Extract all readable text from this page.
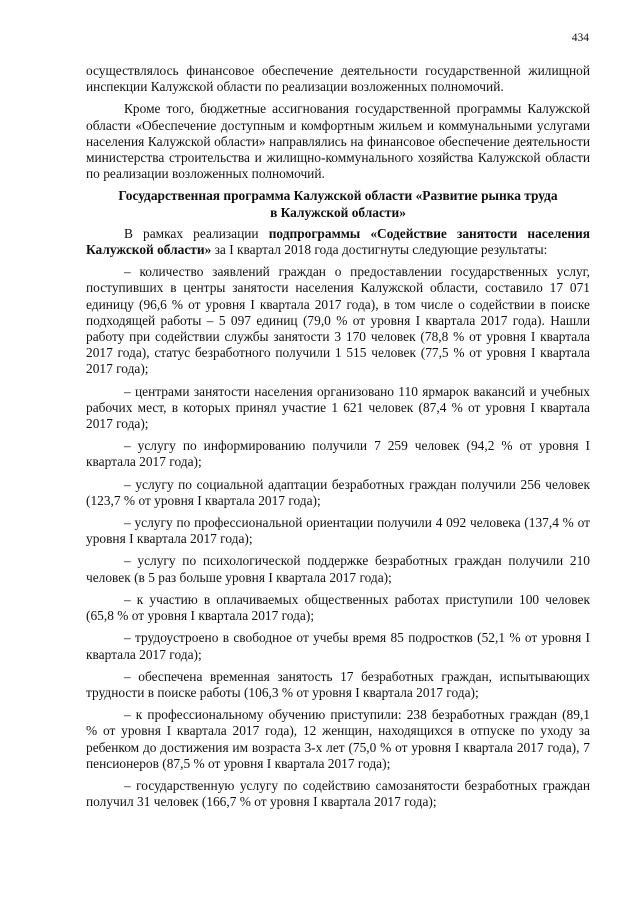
434

осуществлялось финансовое обеспечение деятельности государственной жилищной инспекции Калужской области по реализации возложенных полномочий.

Кроме того, бюджетные ассигнования государственной программы Калужской области «Обеспечение доступным и комфортным жильем и коммунальными услугами населения Калужской области» направлялись на финансовое обеспечение деятельности министерства строительства и жилищно-коммунального хозяйства Калужской области по реализации возложенных полномочий.

Государственная программа Калужской области «Развитие рынка труда
в Калужской области»

В рамках реализации подпрограммы «Содействие занятости населения Калужской области» за I квартал 2018 года достигнуты следующие результаты:

– количество заявлений граждан о предоставлении государственных услуг, поступивших в центры занятости населения Калужской области, составило 17 071 единицу (96,6 % от уровня I квартала 2017 года), в том числе о содействии в поиске подходящей работы – 5 097 единиц (79,0 % от уровня I квартала 2017 года). Нашли работу при содействии службы занятости 3 170 человек (78,8 % от уровня I квартала 2017 года), статус безработного получили 1 515 человек (77,5 % от уровня I квартала 2017 года);

– центрами занятости населения организовано 110 ярмарок вакансий и учебных рабочих мест, в которых принял участие 1 621 человек (87,4 % от уровня I квартала 2017 года);

– услугу по информированию получили 7 259 человек (94,2 % от уровня I квартала 2017 года);

– услугу по социальной адаптации безработных граждан получили 256 человек (123,7 % от уровня I квартала 2017 года);

– услугу по профессиональной ориентации получили 4 092 человека (137,4 % от уровня I квартала 2017 года);

– услугу по психологической поддержке безработных граждан получили 210 человек (в 5 раз больше уровня I квартала 2017 года);

– к участию в оплачиваемых общественных работах приступили 100 человек (65,8 % от уровня I квартала 2017 года);

– трудоустроено в свободное от учебы время 85 подростков (52,1 % от уровня I квартала 2017 года);

– обеспечена временная занятость 17 безработных граждан, испытывающих трудности в поиске работы (106,3 % от уровня I квартала 2017 года);

– к профессиональному обучению приступили: 238 безработных граждан (89,1 % от уровня I квартала 2017 года), 12 женщин, находящихся в отпуске по уходу за ребенком до достижения им возраста 3-х лет (75,0 % от уровня I квартала 2017 года), 7 пенсионеров (87,5 % от уровня I квартала 2017 года);

– государственную услугу по содействию самозанятости безработных граждан получил 31 человек (166,7 % от уровня I квартала 2017 года);
